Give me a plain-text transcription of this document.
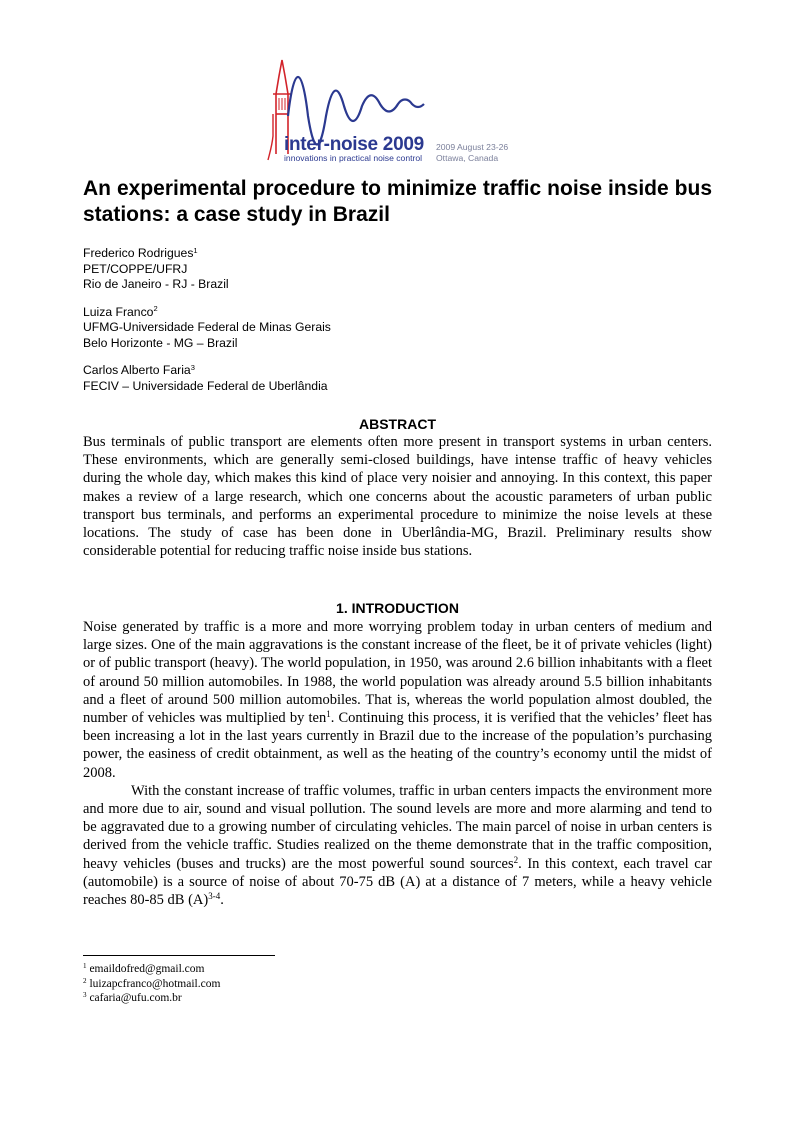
inter-noise 2009
innovations in practical noise control
2009 August 23-26
Ottawa, Canada
An experimental procedure to minimize traffic noise inside bus stations: a case study in Brazil
Frederico Rodrigues$^1$
PET/COPPE/UFRJ
Rio de Janeiro - RJ - Brazil
Luiza Franco$^2$
UFMG-Universidade Federal de Minas Gerais
Belo Horizonte - MG – Brazil
Carlos Alberto Faria$^3$
FECIV – Universidade Federal de Uberlândia
ABSTRACT

Bus terminals of public transport are elements often more present in transport systems in urban centers. These environments, which are generally semi-closed buildings, have intense traffic of heavy vehicles during the whole day, which makes this kind of place very noisier and annoying. In this context, this paper makes a review of a large research, which one concerns about the acoustic parameters of urban public transport bus terminals, and performs an experimental procedure to minimize the noise levels at these locations. The study of case has been done in Uberlândia-MG, Brazil. Preliminary results show considerable potential for reducing traffic noise inside bus stations.

1. INTRODUCTION

Noise generated by traffic is a more and more worrying problem today in urban centers of medium and large sizes. One of the main aggravations is the constant increase of the fleet, be it of private vehicles (light) or of public transport (heavy). The world population, in 1950, was around 2.6 billion inhabitants with a fleet of around 50 million automobiles. In 1988, the world population was already around 5.5 billion inhabitants and a fleet of around 500 million automobiles. That is, whereas the world population almost doubled, the number of vehicles was multiplied by ten$^1$. Continuing this process, it is verified that the vehicles’ fleet has been increasing a lot in the last years currently in Brazil due to the increase of the population’s purchasing power, the easiness of credit obtainment, as well as the heating of the country’s economy until the midst of 2008.

With the constant increase of traffic volumes, traffic in urban centers impacts the environment more and more due to air, sound and visual pollution. The sound levels are more and more alarming and tend to be aggravated due to a growing number of circulating vehicles. The main parcel of noise in urban centers is derived from the vehicle traffic. Studies realized on the theme demonstrate that in the traffic composition, heavy vehicles (buses and trucks) are the most powerful sound sources$^2$. In this context, each travel car (automobile) is a source of noise of about 70-75 dB (A) at a distance of 7 meters, while a heavy vehicle reaches 80-85 dB $(A)^{3-4}$.

$^1$ emaildofred@gmail.com
$^2$ luizapcfranco@hotmail.com
$^3$ cafaria@ufu.com.br
